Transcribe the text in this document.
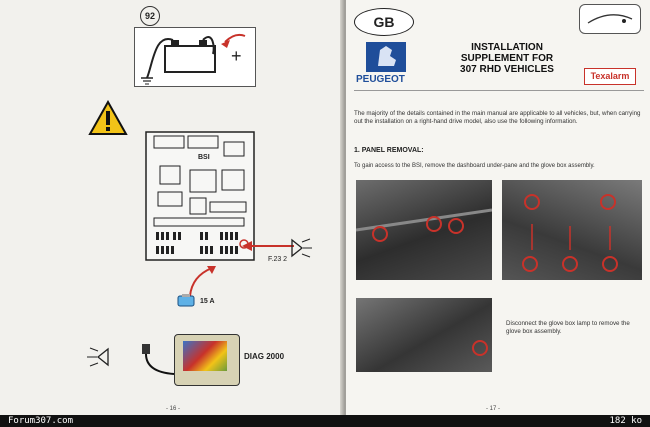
92
+
BSI
F.23 2
15 A
DIAG 2000
- 16 -
GB
PEUGEOT
INSTALLATION
SUPPLEMENT FOR
307 RHD VEHICLES
Texalarm
The majority of the details contained in the main manual are applicable to all vehicles, but, when carrying out the installation on a right-hand drive model, also use the following information.
1. PANEL REMOVAL:
To gain access to the BSI, remove the dashboard under-pane and the glove box assembly.
Disconnect the glove box lamp to remove the glove box assembly.
- 17 -
Forum307.com	182 ko
